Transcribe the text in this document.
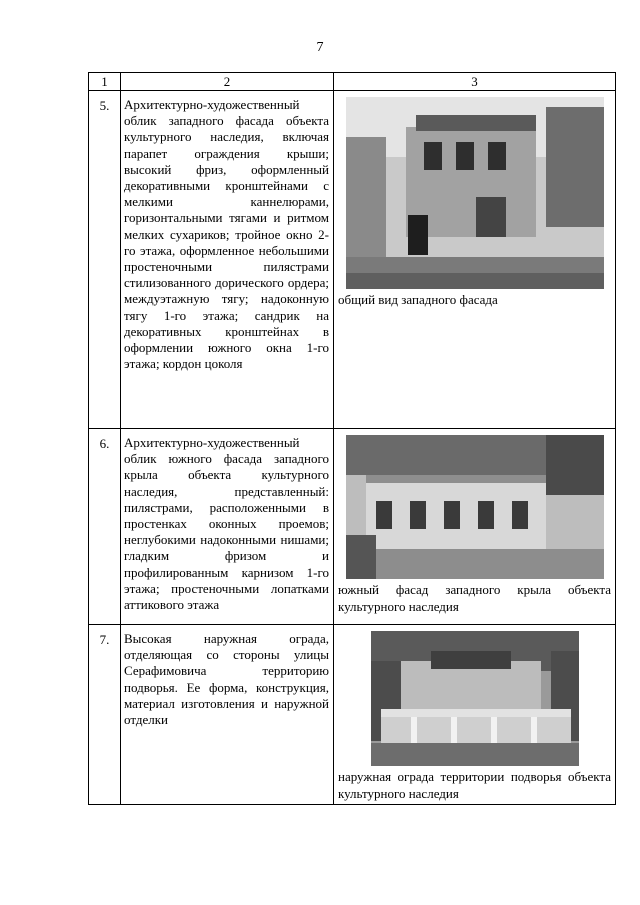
7
1	2	3
5.	Архитектурно-художественный облик западного фасада объекта культурного наследия, включая парапет ограждения крыши; высокий фриз, оформленный декоративными кронштейнами с мелкими каннелюрами, горизонтальными тягами и ритмом мелких сухариков; тройное окно 2-го этажа, оформленное небольшими простеночными пилястрами стилизованного дорического ордера; междуэтажную тягу; надоконную тягу 1-го этажа; сандрик на декоративных кронштейнах в оформлении южного окна 1-го этажа; кордон цоколя	общий вид западного фасада

6.	Архитектурно-художественный облик южного фасада западного крыла объекта культурного наследия, представленный: пилястрами, расположенными в простенках оконных проемов; неглубокими надоконными нишами; гладким фризом и профилированным карнизом 1-го этажа; простеночными лопатками аттикового этажа	южный фасад западного крыла объекта культурного наследия

7.	Высокая наружная ограда, отделяющая со стороны улицы Серафимовича территорию подворья. Ее форма, конструкция, материал изготовления и наружной отделки	наружная ограда территории подворья объекта культурного наследия
